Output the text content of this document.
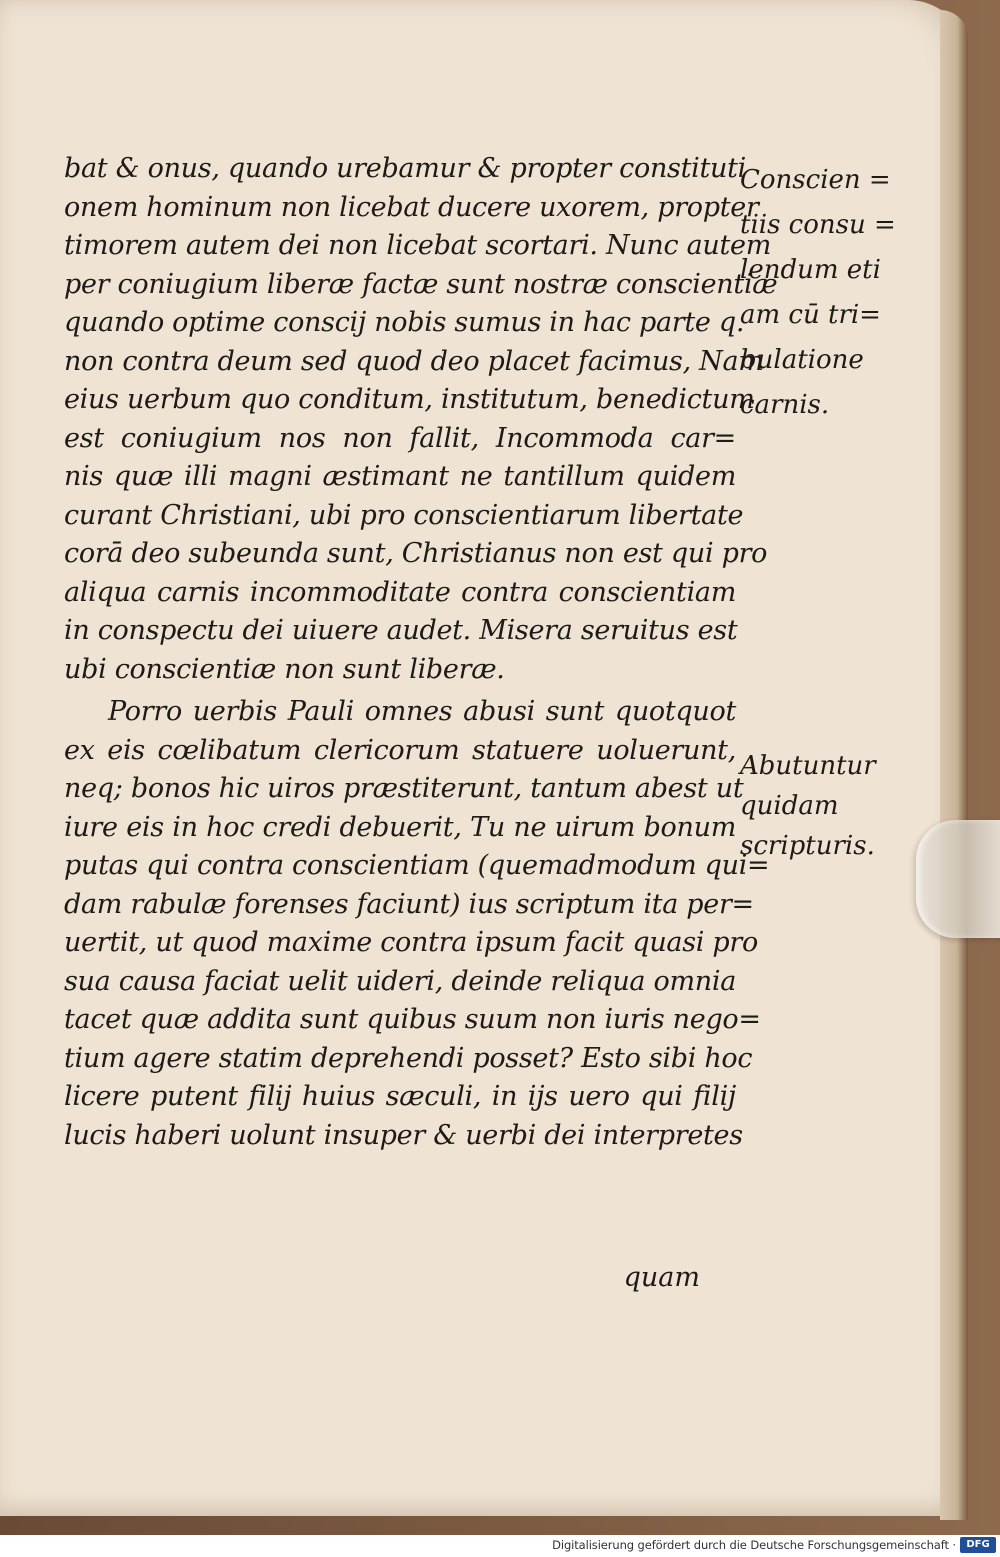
bat & onus, quando urebamur & propter constituti
onem hominum non licebat ducere uxorem, propter
timorem autem dei non licebat scortari. Nunc autem
per coniugium liberæ factæ sunt nostræ conscientiæ
quando optime conscij nobis sumus in hac parte q.
non contra deum sed quod deo placet facimus, Nam
eius uerbum quo conditum, institutum, benedictum
est coniugium nos non fallit, Incommoda car=
nis quæ illi magni æstimant ne tantillum quidem
curant Christiani, ubi pro conscientiarum libertate
corā deo subeunda sunt, Christianus non est qui pro
aliqua carnis incommoditate contra conscientiam
in conspectu dei uiuere audet. Misera seruitus est
ubi conscientiæ non sunt liberæ.
Porro uerbis Pauli omnes abusi sunt quotquot
ex eis cœlibatum clericorum statuere uoluerunt,
neq; bonos hic uiros præstiterunt, tantum abest ut
iure eis in hoc credi debuerit, Tu ne uirum bonum
putas qui contra conscientiam (quemadmodum qui=
dam rabulæ forenses faciunt) ius scriptum ita per=
uertit, ut quod maxime contra ipsum facit quasi pro
sua causa faciat uelit uideri, deinde reliqua omnia
tacet quæ addita sunt quibus suum non iuris nego=
tium agere statim deprehendi posset? Esto sibi hoc
licere putent filij huius sæculi, in ijs uero qui filij
lucis haberi uolunt insuper & uerbi dei interpretes
quam
Conscien =
tiis consu =
lendum eti
am cū tri=
bulatione
carnis.
Abutuntur
quidam
scripturis.
Digitalisierung gefördert durch die Deutsche Forschungsgemeinschaft ·	DFG
